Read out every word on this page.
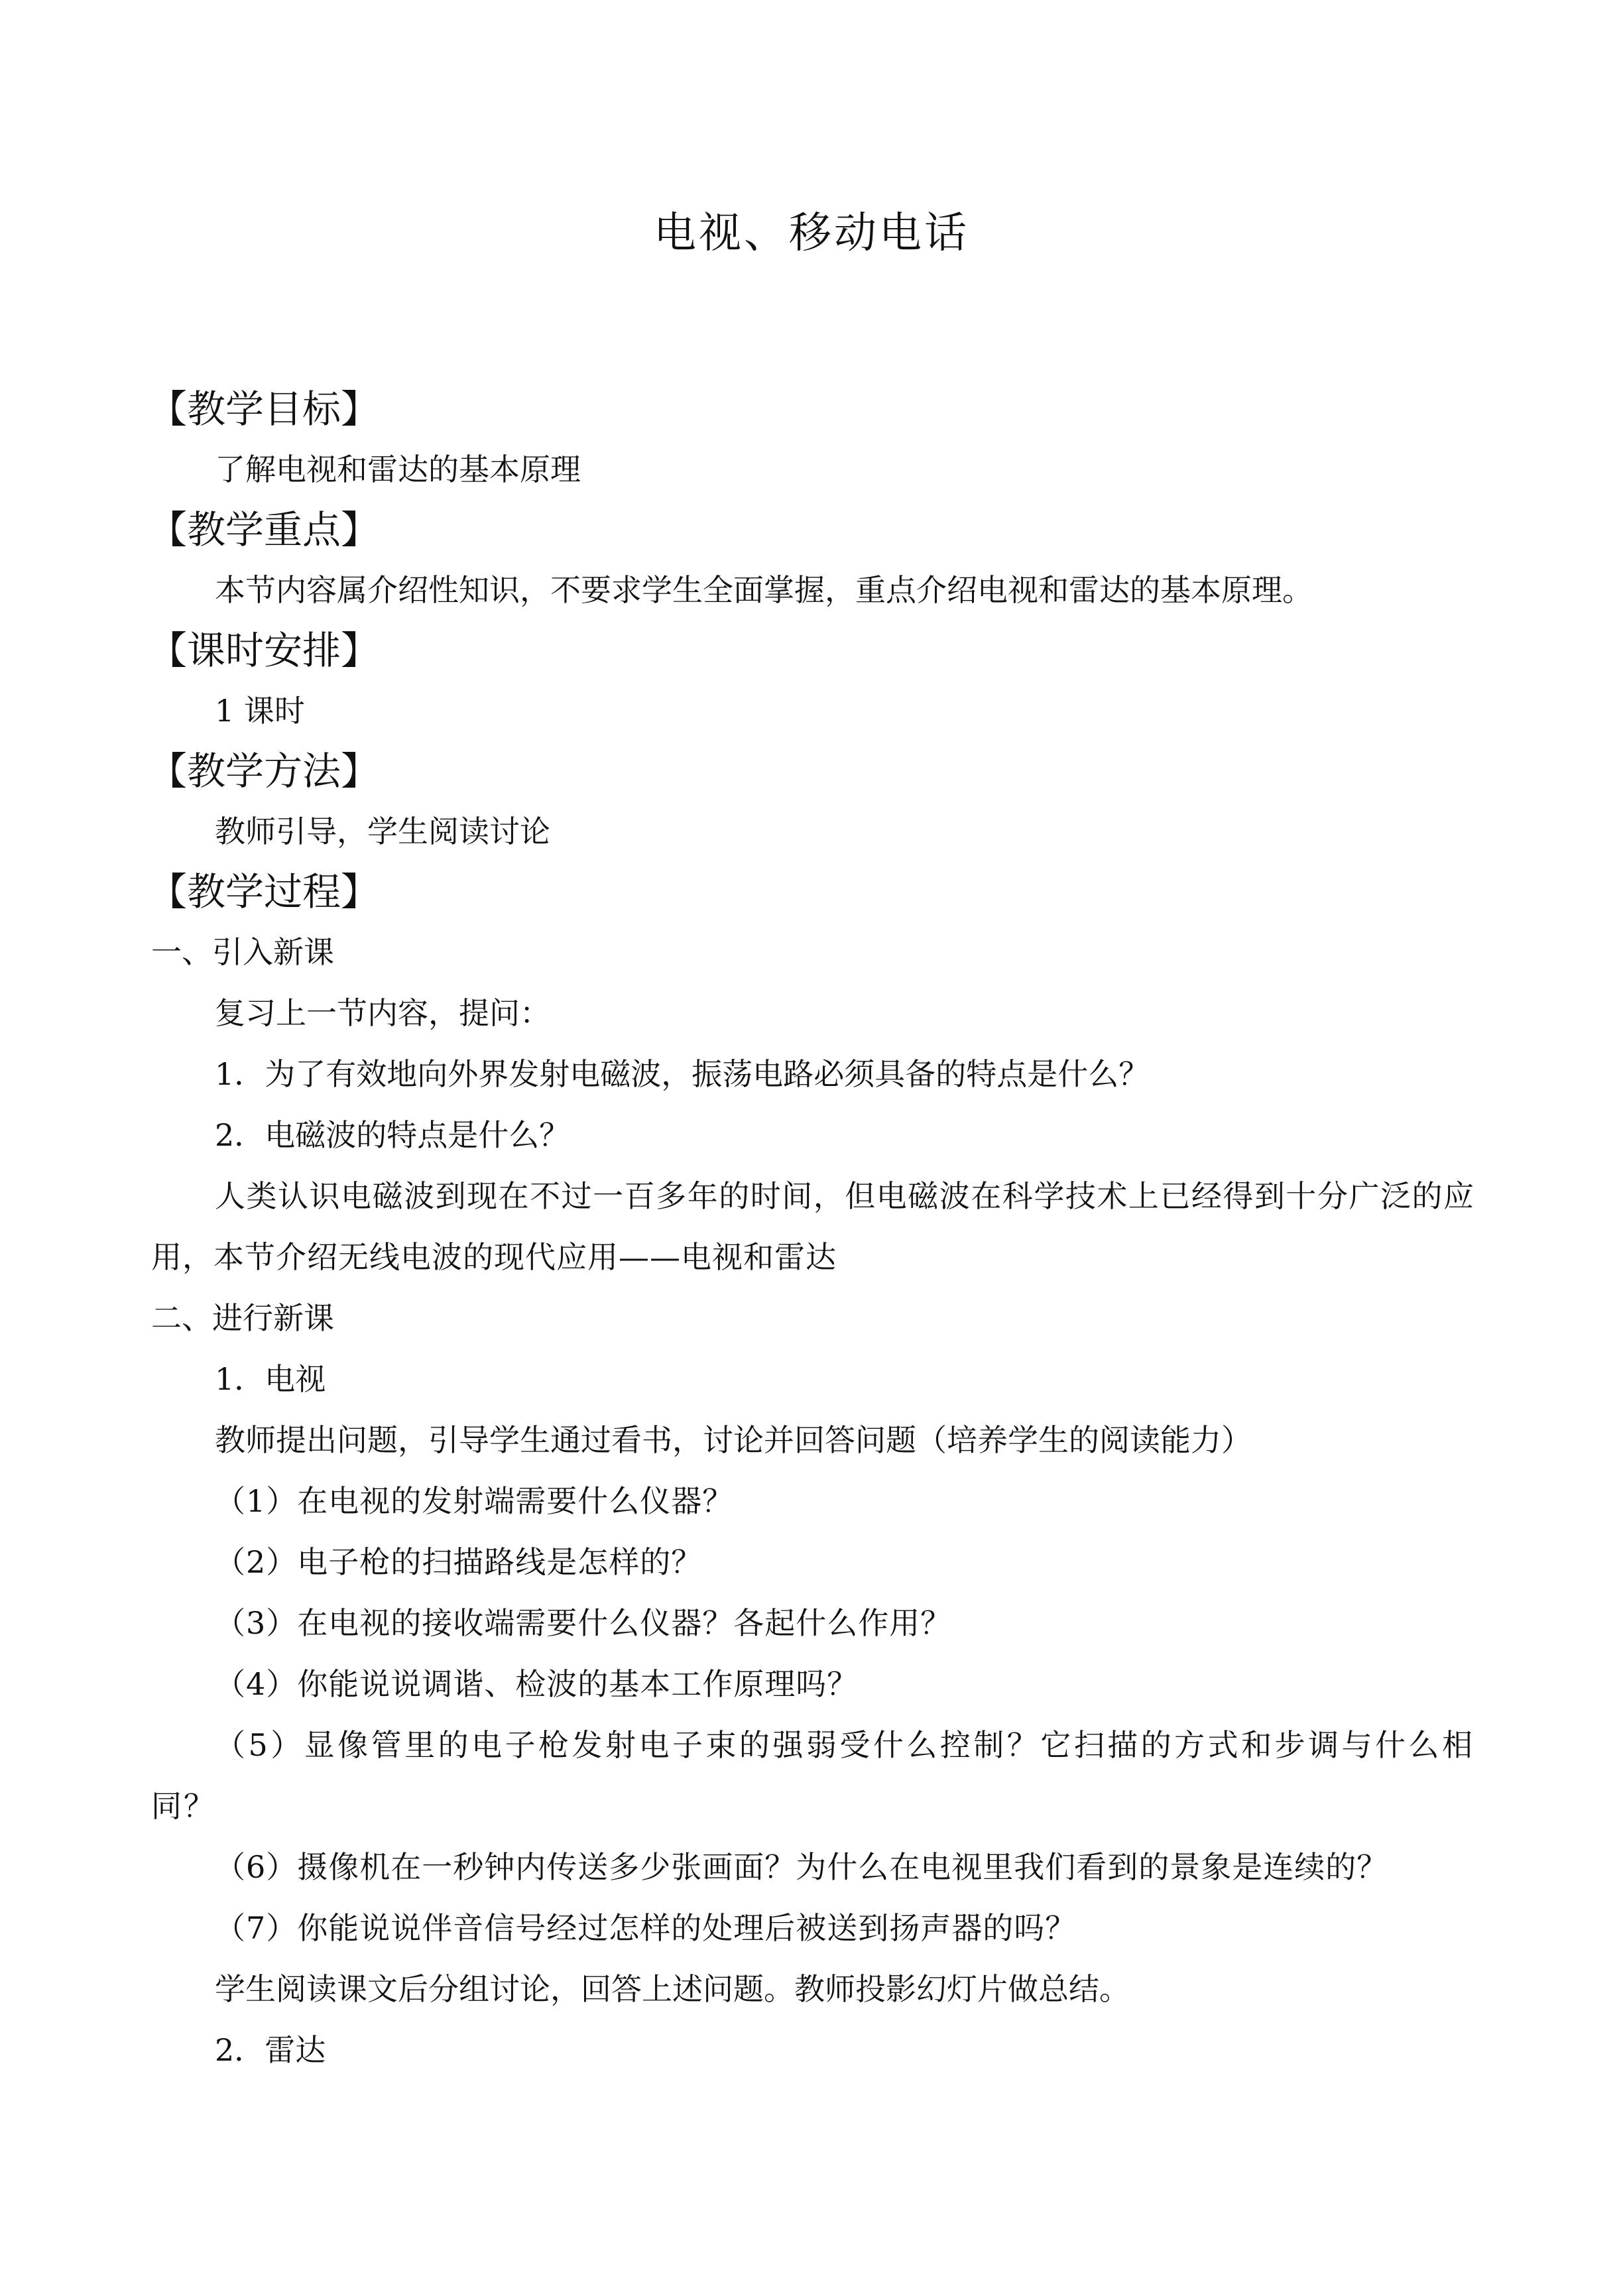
电视、移动电话
【教学目标】
了解电视和雷达的基本原理
【教学重点】
本节内容属介绍性知识，不要求学生全面掌握，重点介绍电视和雷达的基本原理。
【课时安排】
1 课时
【教学方法】
教师引导，学生阅读讨论
【教学过程】
一、引入新课
复习上一节内容，提问：
1．为了有效地向外界发射电磁波，振荡电路必须具备的特点是什么？
2．电磁波的特点是什么？
人类认识电磁波到现在不过一百多年的时间，但电磁波在科学技术上已经得到十分广泛的应用，本节介绍无线电波的现代应用——电视和雷达
二、进行新课
1．电视
教师提出问题，引导学生通过看书，讨论并回答问题（培养学生的阅读能力）
（1）在电视的发射端需要什么仪器？
（2）电子枪的扫描路线是怎样的？
（3）在电视的接收端需要什么仪器？各起什么作用？
（4）你能说说调谐、检波的基本工作原理吗？
（5）显像管里的电子枪发射电子束的强弱受什么控制？它扫描的方式和步调与什么相同？
（6）摄像机在一秒钟内传送多少张画面？为什么在电视里我们看到的景象是连续的？
（7）你能说说伴音信号经过怎样的处理后被送到扬声器的吗？
学生阅读课文后分组讨论，回答上述问题。教师投影幻灯片做总结。
2．雷达
